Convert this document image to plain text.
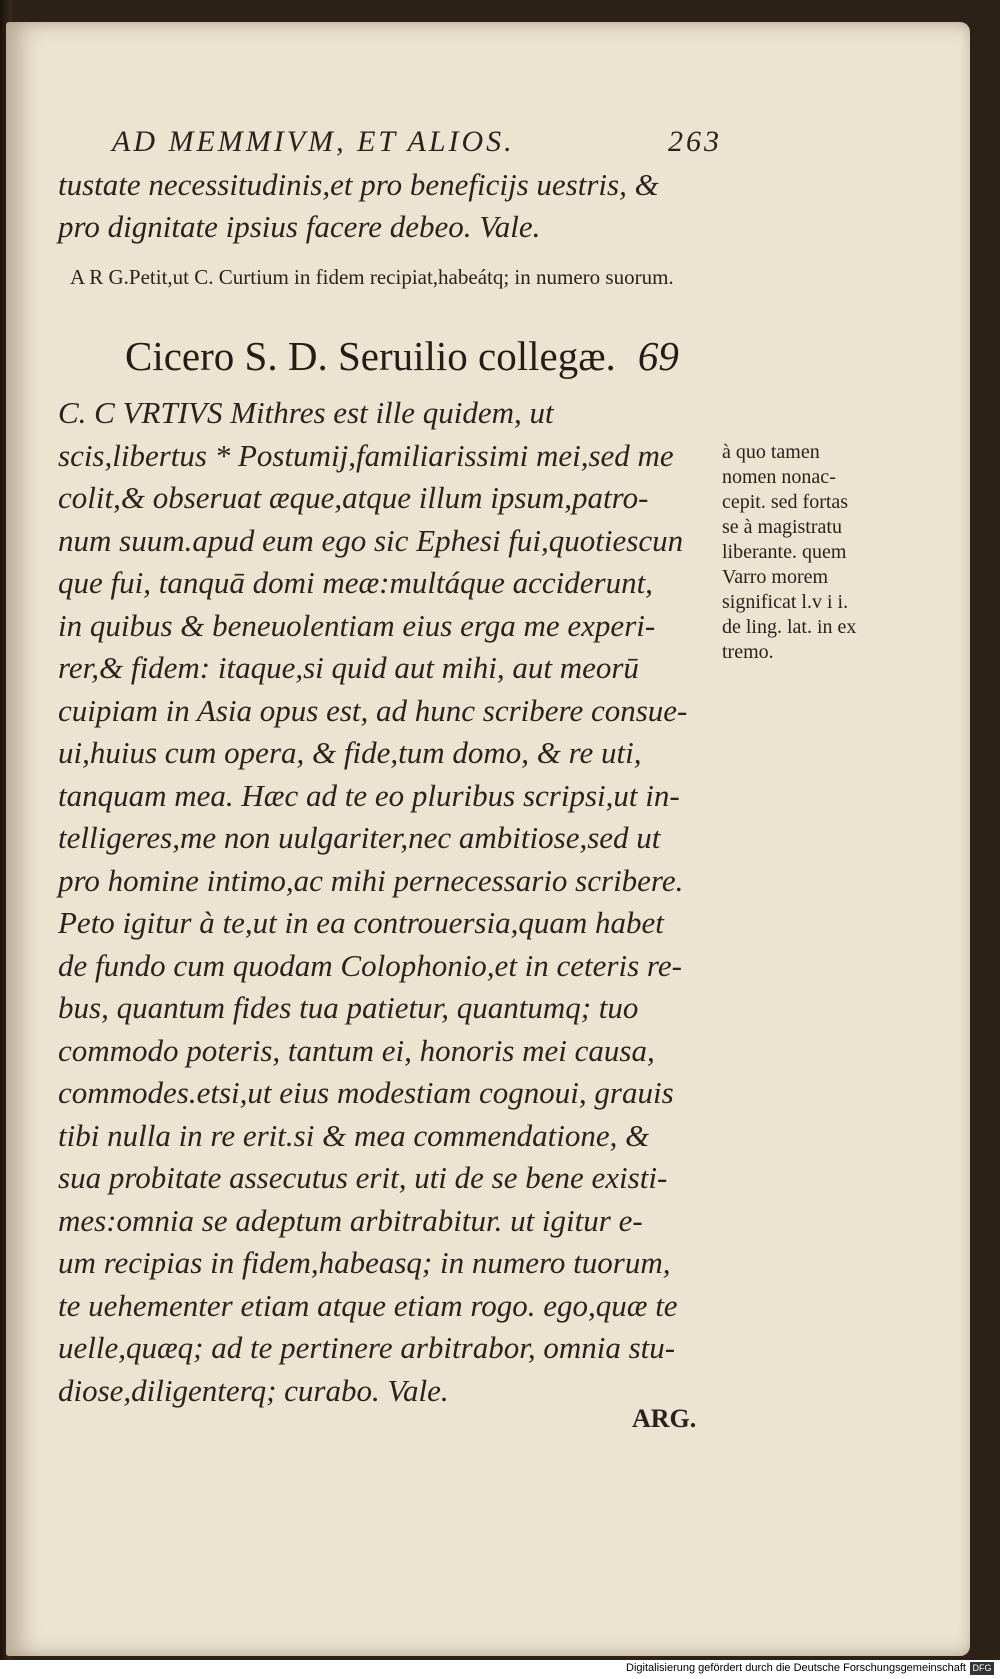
AD MEMMIVM, ET ALIOS.	263
tustate necessitudinis,et pro beneficijs uestris, &
pro dignitate ipsius facere debeo. Vale.
A R G.Petit,ut C. Curtium in fidem recipiat,habeátq; in numero suorum.
Cicero S. D. Seruilio collegæ. 69
C. C VRTIVS Mithres est ille quidem, ut
scis,libertus * Postumij,familiarissimi mei,sed me
colit,& obseruat æque,atque illum ipsum,patro-
num suum.apud eum ego sic Ephesi fui,quotiescun
que fui, tanquā domi meæ:multáque acciderunt,
in quibus & beneuolentiam eius erga me experi-
rer,& fidem: itaque,si quid aut mihi, aut meorū
cuipiam in Asia opus est, ad hunc scribere consue-
ui,huius cum opera, & fide,tum domo, & re uti,
tanquam mea. Hæc ad te eo pluribus scripsi,ut in-
telligeres,me non uulgariter,nec ambitiose,sed ut
pro homine intimo,ac mihi pernecessario scribere.
Peto igitur à te,ut in ea controuersia,quam habet
de fundo cum quodam Colophonio,et in ceteris re-
bus, quantum fides tua patietur, quantumq; tuo
commodo poteris, tantum ei, honoris mei causa,
commodes.etsi,ut eius modestiam cognoui, grauis
tibi nulla in re erit.si & mea commendatione, &
sua probitate assecutus erit, uti de se bene existi-
mes:omnia se adeptum arbitrabitur. ut igitur e-
um recipias in fidem,habeasq; in numero tuorum,
te uehementer etiam atque etiam rogo. ego,quæ te
uelle,quæq; ad te pertinere arbitrabor, omnia stu-
diose,diligenterq; curabo. Vale.
à quo tamen
nomen nonac-
cepit. sed fortas
se à magistratu
liberante. quem
Varro morem
significat l.v i i.
de ling. lat. in ex
tremo.
ARG.
Digitalisierung gefördert durch die Deutsche Forschungsgemeinschaft DFG
